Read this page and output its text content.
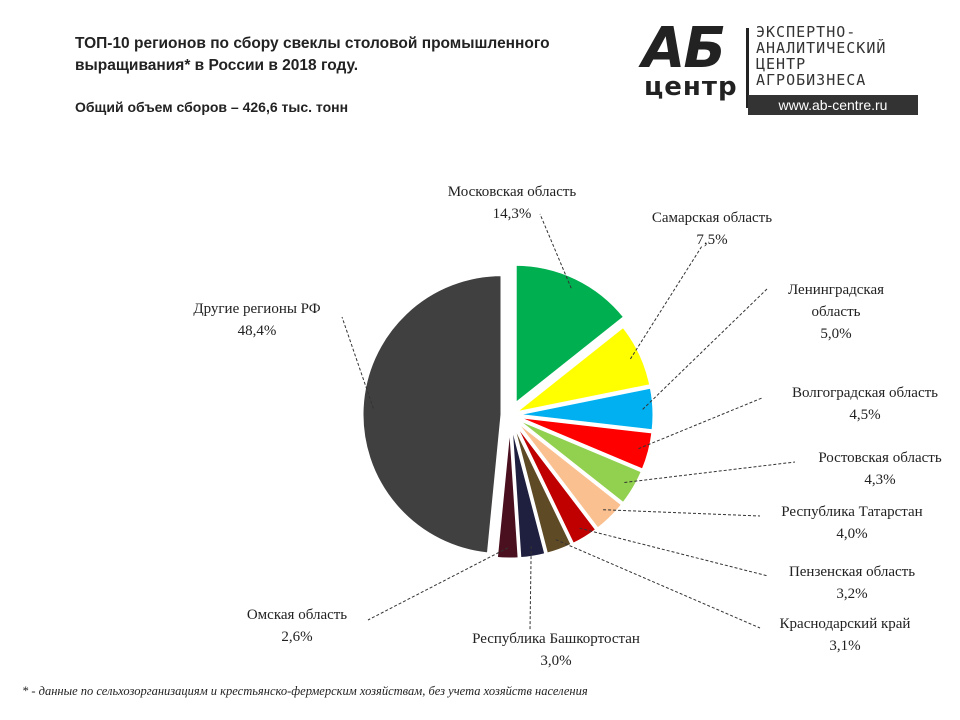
ТОП-10 регионов по сбору свеклы столовой промышленного выращивания* в России в 2018 году.
Общий объем сборов – 426,6 тыс. тонн
АБ
центр
ЭКСПЕРТНО-
АНАЛИТИЧЕСКИЙ
ЦЕНТР
АГРОБИЗНЕСА
www.ab-centre.ru
Московская область 14,3%	Самарская область 7,5%
Ленинградская область 5,0%
Волгоградская область 4,5%
Ростовская область 4,3%
Республика Татарстан 4,0%
Пензенская область 3,2%
Краснодарский край 3,1%
Республика Башкортостан 3,0%
Омская область 2,6%
Другие регионы РФ 48,4%
* - данные по сельхозорганизациям и крестьянско-фермерским хозяйствам, без учета хозяйств населения
